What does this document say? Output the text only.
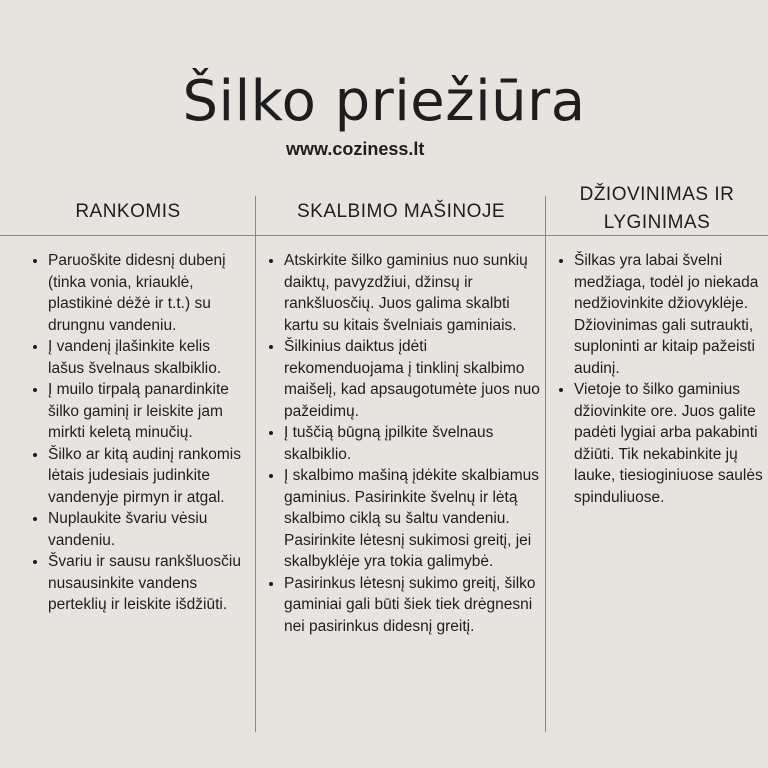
Šilko priežiūra
www.coziness.lt
RANKOMIS	SKALBIMO MAŠINOJE
DŽIOVINIMAS IR LYGINIMAS
• Paruoškite didesnį dubenį (tinka vonia, kriauklė, plastikinė dėžė ir t.t.) su drungnu vandeniu.
• Į vandenį įlašinkite kelis lašus švelnaus skalbiklio.
• Į muilo tirpalą panardinkite šilko gaminį ir leiskite jam mirkti keletą minučių.
• Šilko ar kitą audinį rankomis lėtais judesiais judinkite vandenyje pirmyn ir atgal.
• Nuplaukite švariu vėsiu vandeniu.
• Švariu ir sausu rankšluosčiu nusausinkite vandens perteklių ir leiskite išdžiūti.
• Atskirkite šilko gaminius nuo sunkių daiktų, pavyzdžiui, džinsų ir rankšluosčių. Juos galima skalbti kartu su kitais švelniais gaminiais.
• Šilkinius daiktus įdėti rekomenduojama į tinklinį skalbimo maišelį, kad apsaugotumėte juos nuo pažeidimų.
• Į tuščią būgną įpilkite švelnaus skalbiklio.
• Į skalbimo mašiną įdėkite skalbiamus gaminius. Pasirinkite švelnų ir lėtą skalbimo ciklą su šaltu vandeniu. Pasirinkite lėtesnį sukimosi greitį, jei skalbyklėje yra tokia galimybė.
• Pasirinkus lėtesnį sukimo greitį, šilko gaminiai gali būti šiek tiek drėgnesni nei pasirinkus didesnį greitį.
• Šilkas yra labai švelni medžiaga, todėl jo niekada nedžiovinkite džiovyklėje. Džiovinimas gali sutraukti, suploninti ar kitaip pažeisti audinį.
• Vietoje to šilko gaminius džiovinkite ore. Juos galite padėti lygiai arba pakabinti džiūti. Tik nekabinkite jų lauke, tiesioginiuose saulės spinduliuose.
